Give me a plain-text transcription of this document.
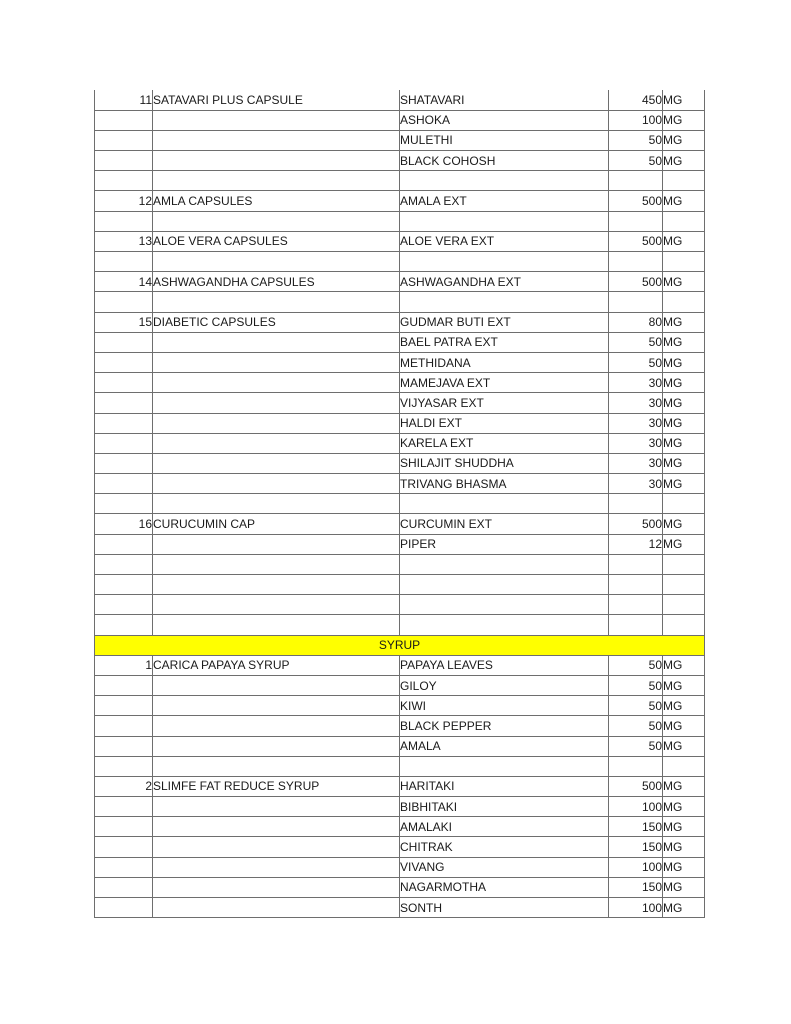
11	SATAVARI PLUS CAPSULE	SHATAVARI	450	MG
		ASHOKA	100	MG
		MULETHI	50	MG
		BLACK COHOSH	50	MG

12	AMLA CAPSULES	AMALA EXT	500	MG

13	ALOE VERA CAPSULES	ALOE VERA EXT	500	MG

14	ASHWAGANDHA CAPSULES	ASHWAGANDHA EXT	500	MG

15	DIABETIC CAPSULES	GUDMAR BUTI EXT	80	MG
		BAEL PATRA EXT	50	MG
		METHIDANA	50	MG
		MAMEJAVA EXT	30	MG
		VIJYASAR EXT	30	MG
		HALDI EXT	30	MG
		KARELA EXT	30	MG
		SHILAJIT SHUDDHA	30	MG
		TRIVANG BHASMA	30	MG

16	CURUCUMIN CAP	CURCUMIN EXT	500	MG
		PIPER	12	MG

SYRUP				
1	CARICA PAPAYA SYRUP	PAPAYA LEAVES	50	MG
		GILOY	50	MG
		KIWI	50	MG
		BLACK PEPPER	50	MG
		AMALA	50	MG

2	SLIMFE FAT REDUCE SYRUP	HARITAKI	500	MG
		BIBHITAKI	100	MG
		AMALAKI	150	MG
		CHITRAK	150	MG
		VIVANG	100	MG
		NAGARMOTHA	150	MG
		SONTH	100	MG
